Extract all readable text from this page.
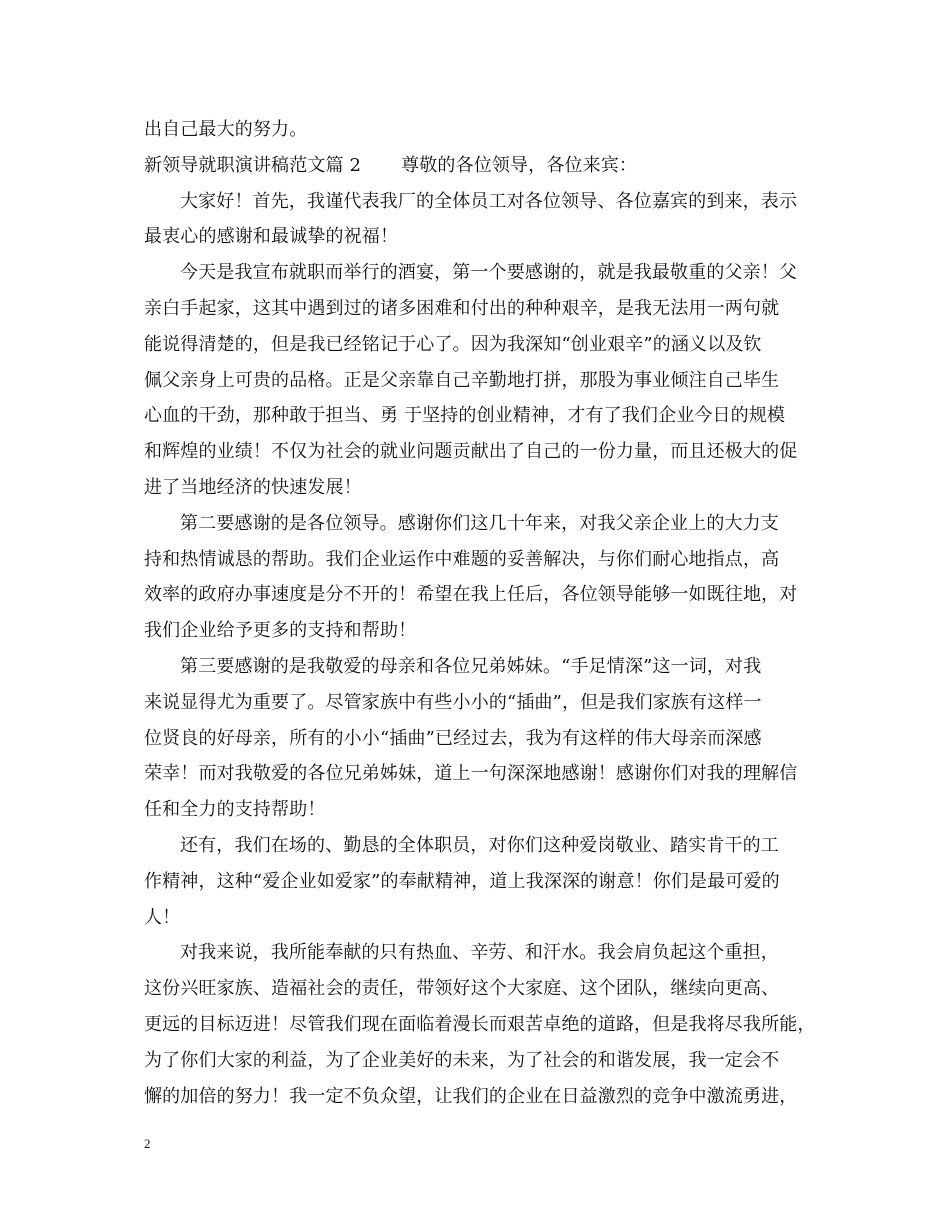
出自己最大的努力。
新领导就职演讲稿范文篇 2 尊敬的各位领导，各位来宾：
大家好！首先，我谨代表我厂的全体员工对各位领导、各位嘉宾的到来，表示
最衷心的感谢和最诚挚的祝福！
今天是我宣布就职而举行的酒宴，第一个要感谢的，就是我最敬重的父亲！父
亲白手起家，这其中遇到过的诸多困难和付出的种种艰辛，是我无法用一两句就
能说得清楚的，但是我已经铭记于心了。因为我深知“创业艰辛”的涵义以及钦
佩父亲身上可贵的品格。正是父亲靠自己辛勤地打拼，那股为事业倾注自己毕生
心血的干劲，那种敢于担当、勇 于坚持的创业精神，才有了我们企业今日的规模
和辉煌的业绩！不仅为社会的就业问题贡献出了自己的一份力量，而且还极大的促
进了当地经济的快速发展！
第二要感谢的是各位领导。感谢你们这几十年来，对我父亲企业上的大力支
持和热情诚恳的帮助。我们企业运作中难题的妥善解决，与你们耐心地指点，高
效率的政府办事速度是分不开的！希望在我上任后，各位领导能够一如既往地，对
我们企业给予更多的支持和帮助！
第三要感谢的是我敬爱的母亲和各位兄弟姊妹。“手足情深”这一词，对我
来说显得尤为重要了。尽管家族中有些小小的“插曲”，但是我们家族有这样一
位贤良的好母亲，所有的小小“插曲”已经过去，我为有这样的伟大母亲而深感
荣幸！而对我敬爱的各位兄弟姊妹，道上一句深深地感谢！感谢你们对我的理解信
任和全力的支持帮助！
还有，我们在场的、勤恳的全体职员，对你们这种爱岗敬业、踏实肯干的工
作精神，这种“爱企业如爱家”的奉献精神，道上我深深的谢意！你们是最可爱的
人！
对我来说，我所能奉献的只有热血、辛劳、和汗水。我会肩负起这个重担，
这份兴旺家族、造福社会的责任，带领好这个大家庭、这个团队，继续向更高、
更远的目标迈进！尽管我们现在面临着漫长而艰苦卓绝的道路，但是我将尽我所能，
为了你们大家的利益，为了企业美好的未来，为了社会的和谐发展，我一定会不
懈的加倍的努力！我一定不负众望，让我们的企业在日益激烈的竞争中激流勇进，
2
